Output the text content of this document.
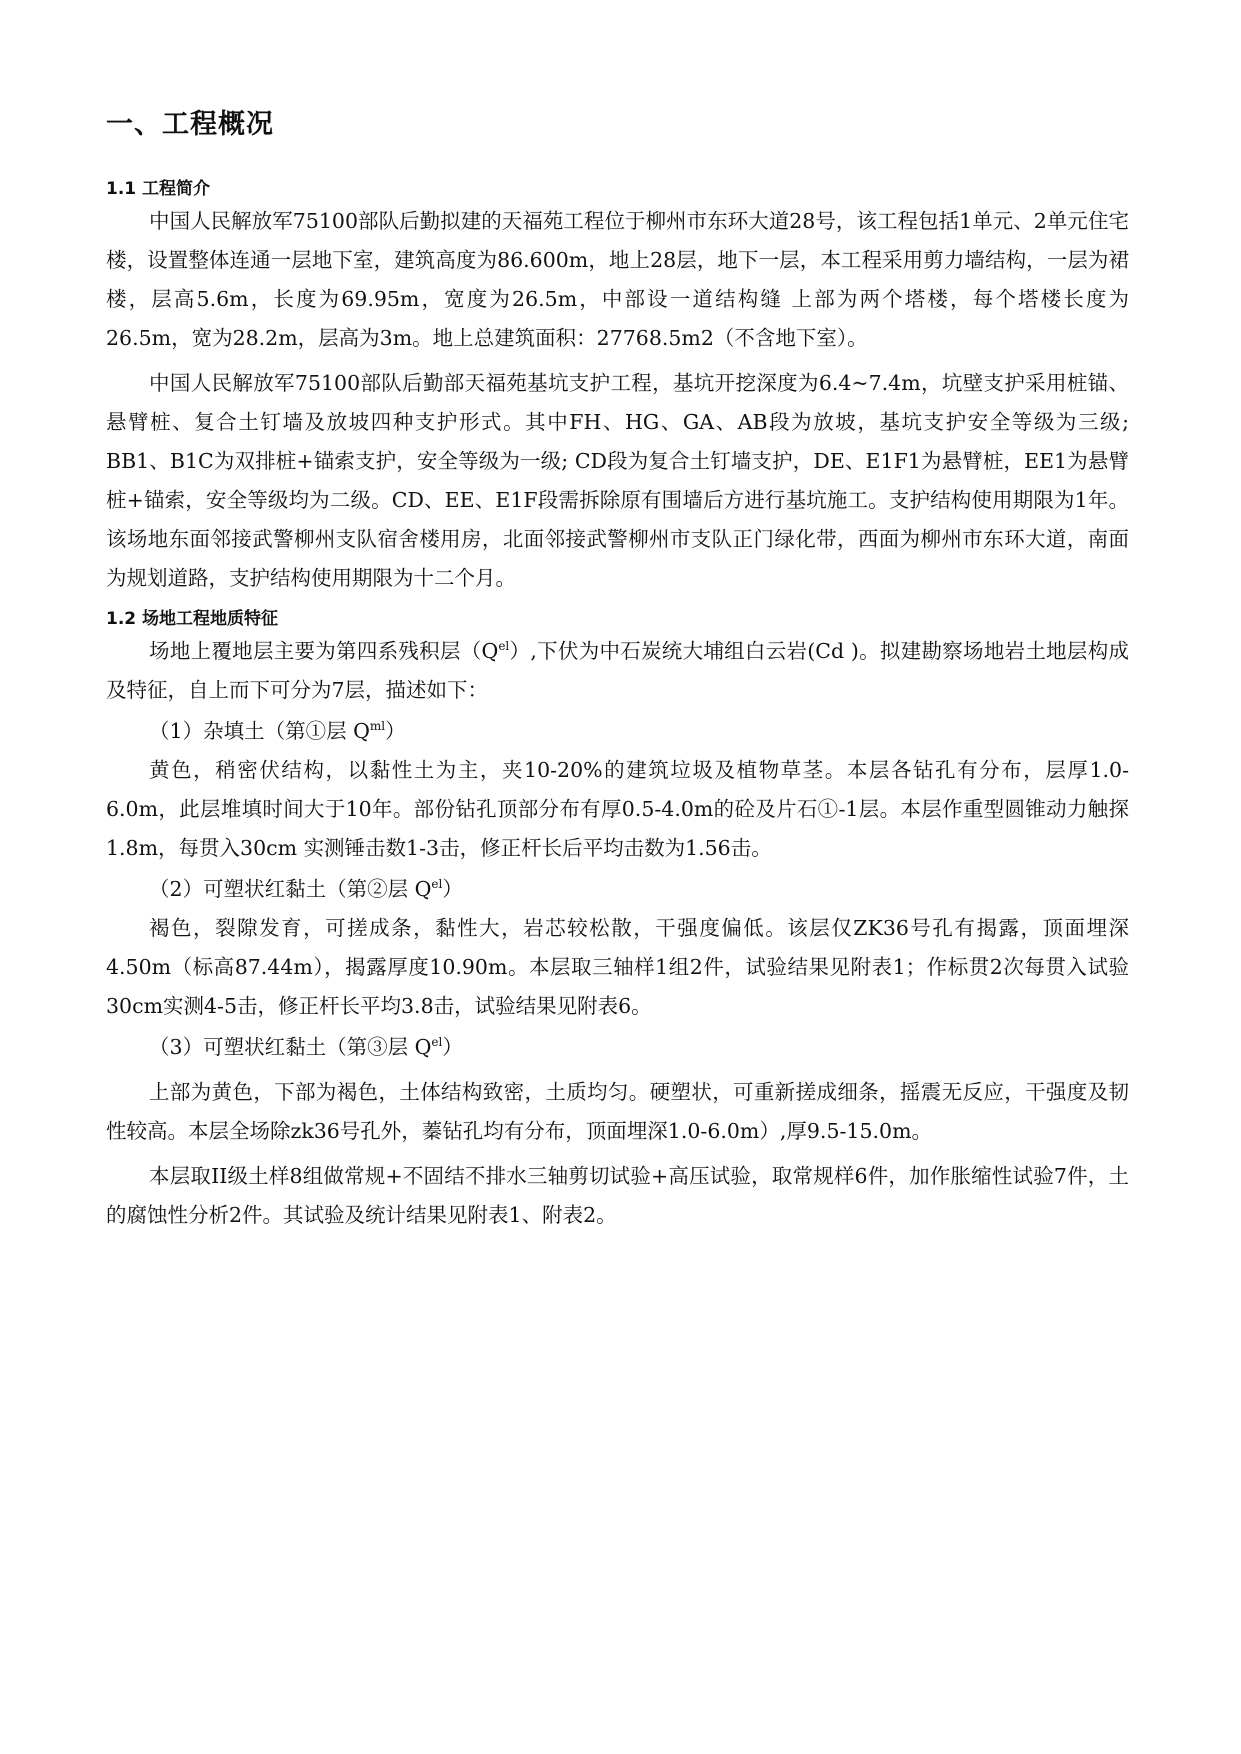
一、工程概况
1.1 工程简介

中国人民解放军75100部队后勤拟建的天福苑工程位于柳州市东环大道28号，该工程包括1单元、2单元住宅楼，设置整体连通一层地下室，建筑高度为86.600m，地上28层，地下一层，本工程采用剪力墙结构，一层为裙楼，层高5.6m，长度为69.95m，宽度为26.5m，中部设一道结构缝 上部为两个塔楼，每个塔楼长度为26.5m，宽为28.2m，层高为3m。地上总建筑面积：27768.5m2（不含地下室）。

中国人民解放军75100部队后勤部天福苑基坑支护工程，基坑开挖深度为6.4~7.4m，坑壁支护采用桩锚、悬臂桩、复合土钉墙及放坡四种支护形式。其中FH、HG、GA、AB段为放坡，基坑支护安全等级为三级; BB1、B1C为双排桩+锚索支护，安全等级为一级; CD段为复合土钉墙支护，DE、E1F1为悬臂桩，EE1为悬臂桩+锚索，安全等级均为二级。CD、EE、E1F段需拆除原有围墙后方进行基坑施工。支护结构使用期限为1年。该场地东面邻接武警柳州支队宿舍楼用房，北面邻接武警柳州市支队正门绿化带，西面为柳州市东环大道，南面为规划道路，支护结构使用期限为十二个月。

1.2 场地工程地质特征

场地上覆地层主要为第四系残积层$(Q^{el})$,下伏为中石炭统大埔组白云岩(Cd )。拟建勘察场地岩土地层构成及特征，自上而下可分为7层，描述如下：

（1）杂填土（第①层 $Q^{ml}$）

黄色，稍密伏结构，以黏性土为主，夹10-20%的建筑垃圾及植物草茎。本层各钻孔有分布，层厚1.0-6.0m，此层堆填时间大于10年。部份钻孔顶部分布有厚0.5-4.0m的砼及片石①-1层。本层作重型圆锥动力触探1.8m，每贯入30cm 实测锤击数1-3击，修正杆长后平均击数为1.56击。

（2）可塑状红黏土（第②层 $Q^{el}$）

褐色，裂隙发育，可搓成条，黏性大，岩芯较松散，干强度偏低。该层仅ZK36号孔有揭露，顶面埋深4.50m（标高87.44m），揭露厚度10.90m。本层取三轴样1组2件，试验结果见附表1；作标贯2次每贯入试验30cm实测4-5击，修正杆长平均3.8击，试验结果见附表6。

（3）可塑状红黏土（第③层 $Q^{el}$）

上部为黄色，下部为褐色，土体结构致密，土质均匀。硬塑状，可重新搓成细条，摇震无反应，干强度及韧性较高。本层全场除zk36号孔外，蓁钻孔均有分布，顶面埋深1.0-6.0m）,厚9.5-15.0m。

本层取II级土样8组做常规+不固结不排水三轴剪切试验+高压试验，取常规样6件，加作胀缩性试验7件，土的腐蚀性分析2件。其试验及统计结果见附表1、附表2。
